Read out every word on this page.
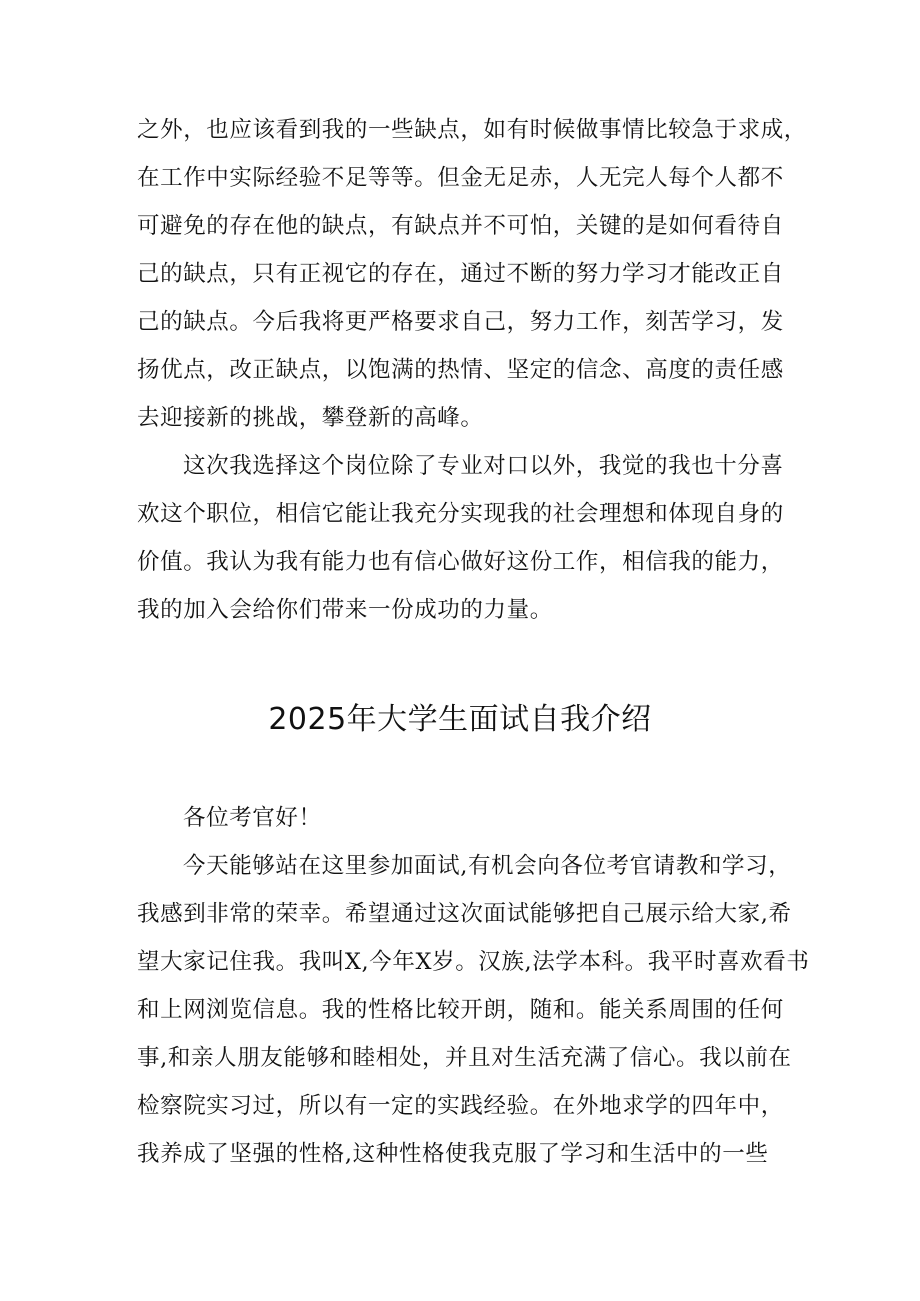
之外，也应该看到我的一些缺点，如有时候做事情比较急于求成，
在工作中实际经验不足等等。但金无足赤，人无完人每个人都不
可避免的存在他的缺点，有缺点并不可怕，关键的是如何看待自
己的缺点，只有正视它的存在，通过不断的努力学习才能改正自
己的缺点。今后我将更严格要求自己，努力工作，刻苦学习，发
扬优点，改正缺点，以饱满的热情、坚定的信念、高度的责任感
去迎接新的挑战，攀登新的高峰。
这次我选择这个岗位除了专业对口以外，我觉的我也十分喜
欢这个职位，相信它能让我充分实现我的社会理想和体现自身的
价值。我认为我有能力也有信心做好这份工作，相信我的能力，
我的加入会给你们带来一份成功的力量。
2025年大学生面试自我介绍
各位考官好！
今天能够站在这里参加面试,有机会向各位考官请教和学习，
我感到非常的荣幸。希望通过这次面试能够把自己展示给大家,希
望大家记住我。我叫X,今年X岁。汉族,法学本科。我平时喜欢看书
和上网浏览信息。我的性格比较开朗，随和。能关系周围的任何
事,和亲人朋友能够和睦相处，并且对生活充满了信心。我以前在
检察院实习过，所以有一定的实践经验。在外地求学的四年中，
我养成了坚强的性格,这种性格使我克服了学习和生活中的一些
